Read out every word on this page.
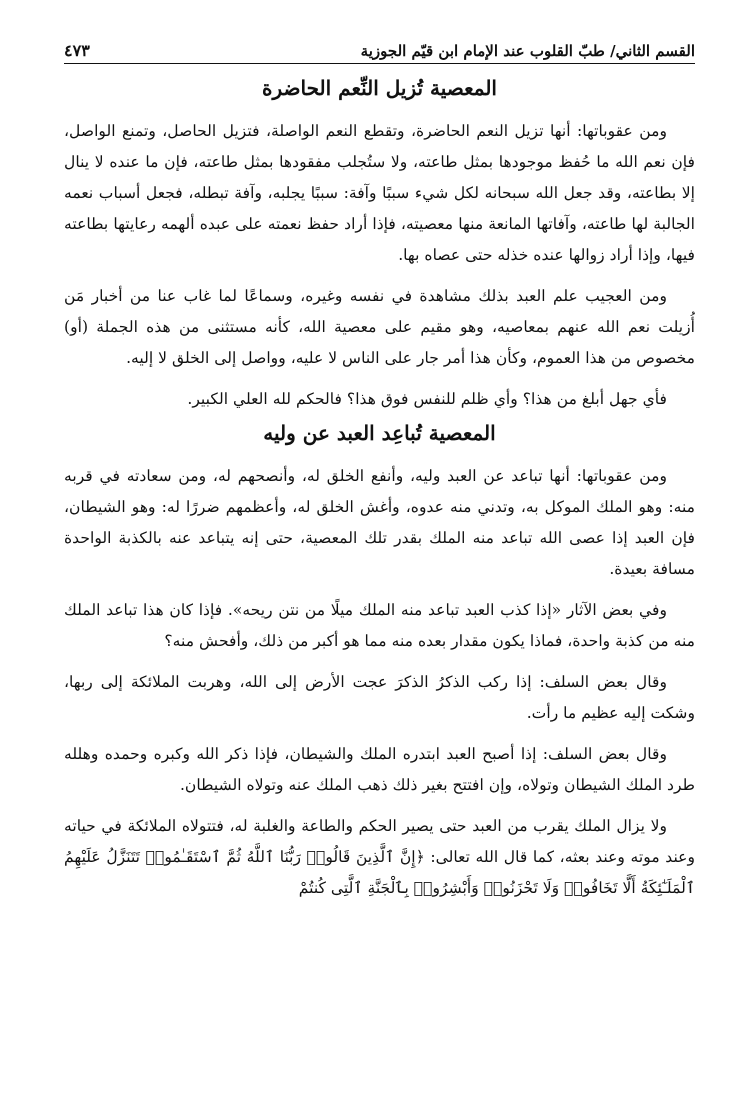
القسم الثاني/ طبّ القلوب عند الإمام ابن قيّم الجوزية
٤٧٣
المعصية تُزيل النِّعم الحاضرة

ومن عقوباتها: أنها تزيل النعم الحاضرة، وتقطع النعم الواصلة، فتزيل الحاصل، وتمنع الواصل، فإن نعم الله ما حُفظ موجودها بمثل طاعته، ولا ستُجلب مفقودها بمثل طاعته، فإن ما عنده لا ينال إلا بطاعته، وقد جعل الله سبحانه لكل شيء سببًا وآفة: سببًا يجلبه، وآفة تبطله، فجعل أسباب نعمه الجالبة لها طاعته، وآفاتها المانعة منها معصيته، فإذا أراد حفظ نعمته على عبده ألهمه رعايتها بطاعته فيها، وإذا أراد زوالها عنده خذله حتى عصاه بها.

ومن العجيب علم العبد بذلك مشاهدة في نفسه وغيره، وسماعًا لما غاب عنا من أخبار مَن أُزيلت نعم الله عنهم بمعاصيه، وهو مقيم على معصية الله، كأنه مستثنى من هذه الجملة (أو) مخصوص من هذا العموم، وكأن هذا أمر جار على الناس لا عليه، وواصل إلى الخلق لا إليه.

فأي جهل أبلغ من هذا؟ وأي ظلم للنفس فوق هذا؟ فالحكم لله العلي الكبير.

المعصية تُباعِد العبد عن وليه

ومن عقوباتها: أنها تباعد عن العبد وليه، وأنفع الخلق له، وأنصحهم له، ومن سعادته في قربه منه: وهو الملك الموكل به، وتدني منه عدوه، وأغش الخلق له، وأعظمهم ضررًا له: وهو الشيطان، فإن العبد إذا عصى الله تباعد منه الملك بقدر تلك المعصية، حتى إنه يتباعد عنه بالكذبة الواحدة مسافة بعيدة.

وفي بعض الآثار «إذا كذب العبد تباعد منه الملك ميلًا من نتن ريحه». فإذا كان هذا تباعد الملك منه من كذبة واحدة، فماذا يكون مقدار بعده منه مما هو أكبر من ذلك، وأفحش منه؟

وقال بعض السلف: إذا ركب الذكرُ الذكرَ عجت الأرض إلى الله، وهربت الملائكة إلى ربها، وشكت إليه عظيم ما رأت.

وقال بعض السلف: إذا أصبح العبد ابتدره الملك والشيطان، فإذا ذكر الله وكبره وحمده وهلله طرد الملك الشيطان وتولاه، وإن افتتح بغير ذلك ذهب الملك عنه وتولاه الشيطان.

ولا يزال الملك يقرب من العبد حتى يصير الحكم والطاعة والغلبة له، فتتولاه الملائكة في حياته وعند موته وعند بعثه، كما قال الله تعالى: ﴿إِنَّ ٱلَّذِينَ قَالُوا۟ رَبُّنَا ٱللَّهُ ثُمَّ ٱسْتَقَـٰمُوا۟ تَتَنَزَّلُ عَلَيْهِمُ ٱلْمَلَـٰٓئِكَةُ أَلَّا تَخَافُوا۟ وَلَا تَحْزَنُوا۟ وَأَبْشِرُوا۟ بِٱلْجَنَّةِ ٱلَّتِى كُنتُمْ
